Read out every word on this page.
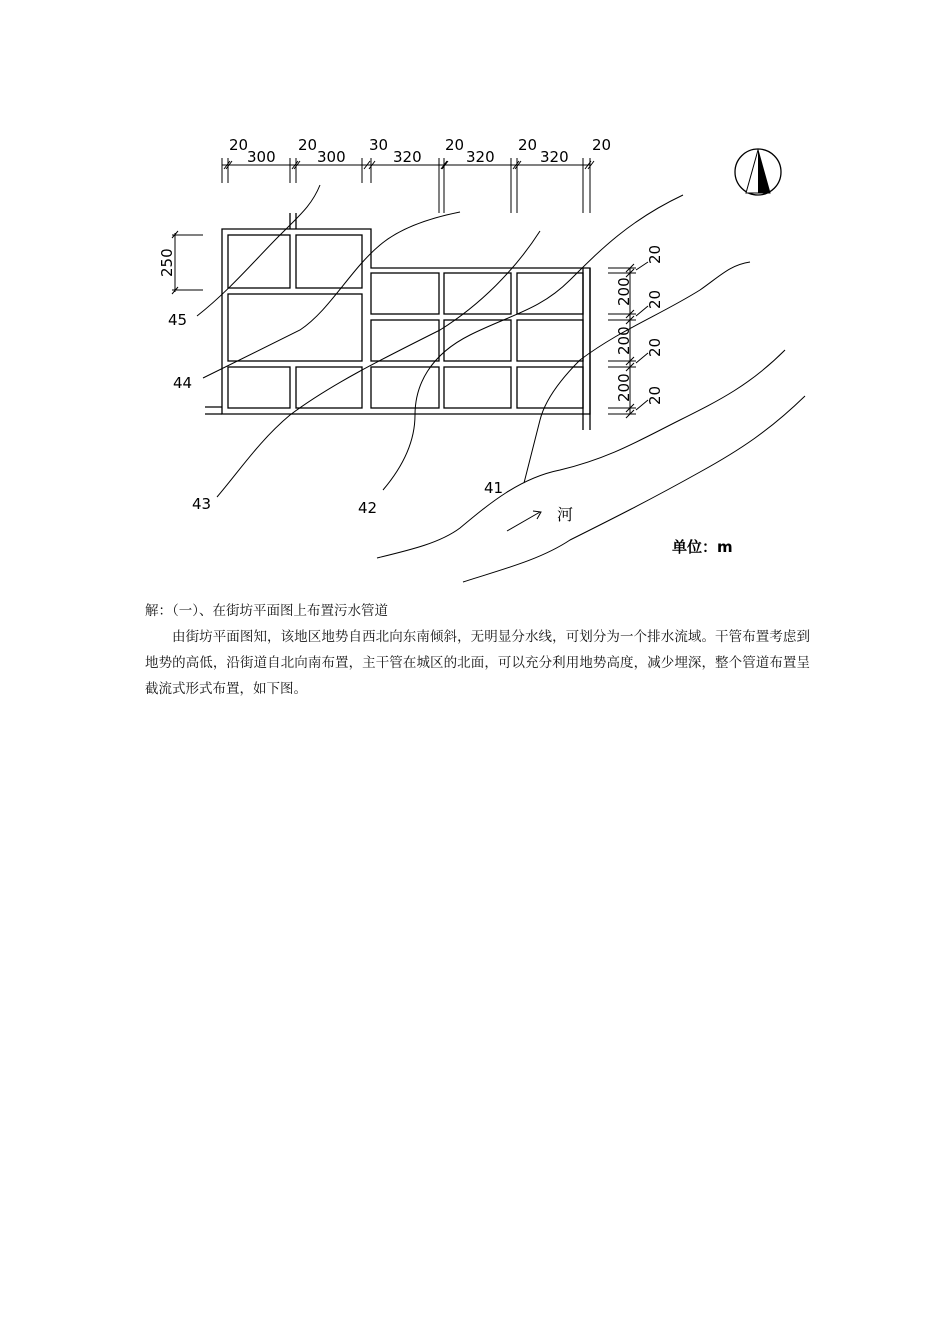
20
300
20
300
30
320
20
320
20
320
20
250	20
200 20
200 20
200 20
45
44
43	42
41
河
单位：m

解：（一）、在街坊平面图上布置污水管道

由街坊平面图知，该地区地势自西北向东南倾斜，无明显分水线，可划分为一个排水流域。干管布置考虑到地势的高低，沿街道自北向南布置，主干管在城区的北面，可以充分利用地势高度，减少埋深，整个管道布置呈截流式形式布置，如下图。
